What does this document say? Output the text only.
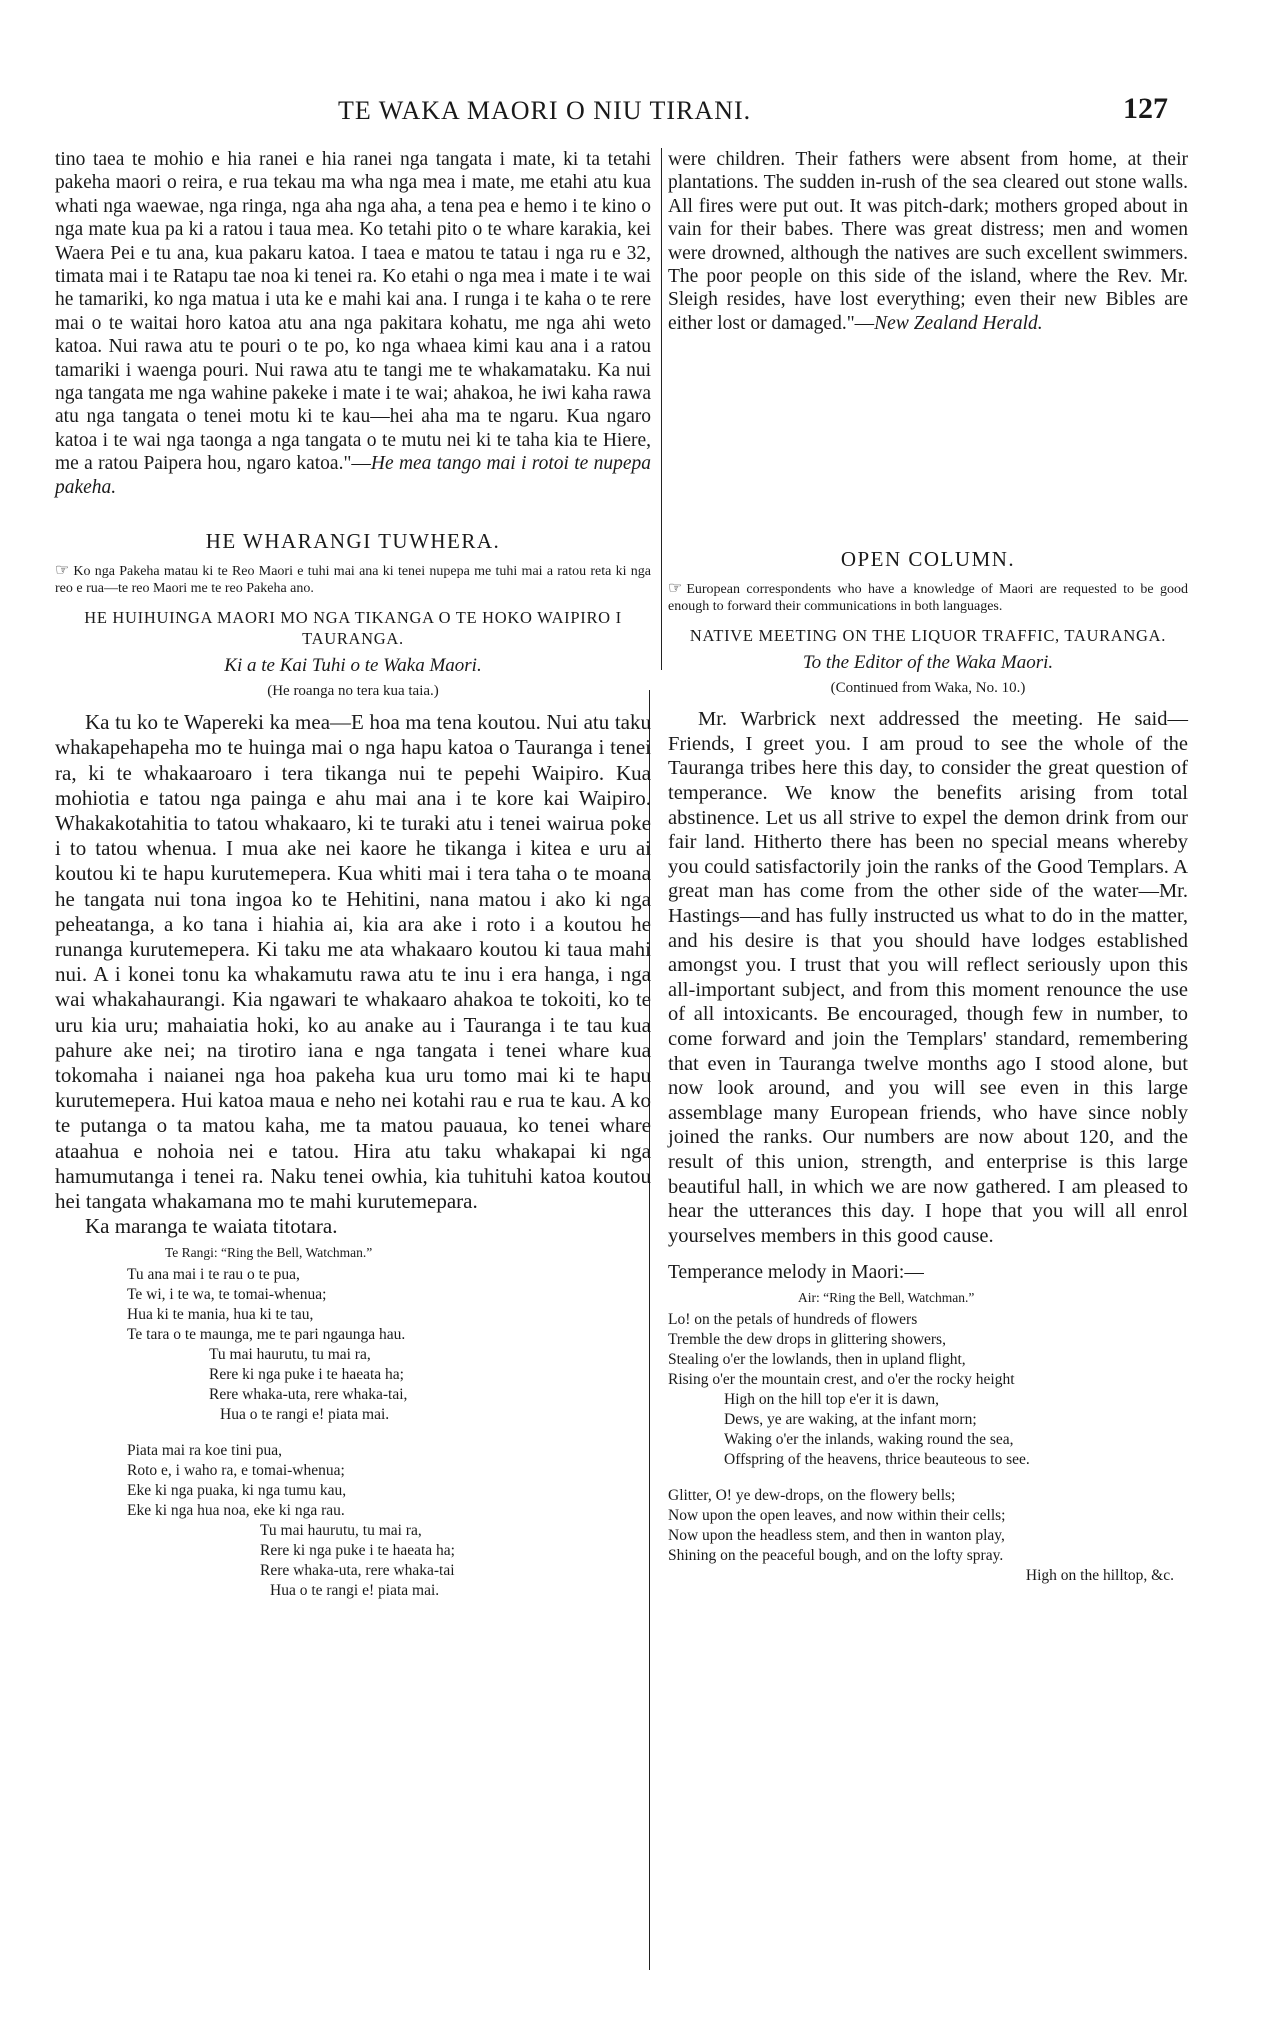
TE WAKA MAORI O NIU TIRANI.	127

tino taea te mohio e hia ranei e hia ranei nga tangata i mate, ki ta tetahi pakeha maori o reira, e rua tekau ma wha nga mea i mate, me etahi atu kua whati nga waewae, nga ringa, nga aha nga aha, a tena pea e hemo i te kino o nga mate kua pa ki a ratou i taua mea. Ko tetahi pito o te whare karakia, kei Waera Pei e tu ana, kua pakaru katoa. I taea e matou te tatau i nga ru e 32, timata mai i te Ratapu tae noa ki tenei ra. Ko etahi o nga mea i mate i te wai he tamariki, ko nga matua i uta ke e mahi kai ana. I runga i te kaha o te rere mai o te waitai horo katoa atu ana nga pakitara kohatu, me nga ahi weto katoa. Nui rawa atu te pouri o te po, ko nga whaea kimi kau ana i a ratou tamariki i waenga pouri. Nui rawa atu te tangi me te whakamataku. Ka nui nga tangata me nga wahine pakeke i mate i te wai; ahakoa, he iwi kaha rawa atu nga tangata o tenei motu ki te kau—hei aha ma te ngaru. Kua ngaro katoa i te wai nga taonga a nga tangata o te mutu nei ki te taha kia te Hiere, me a ratou Paipera hou, ngaro katoa."—He mea tango mai i rotoi te nupepa pakeha.

HE WHARANGI TUWHERA.

☞ Ko nga Pakeha matau ki te Reo Maori e tuhi mai ana ki tenei nupepa me tuhi mai a ratou reta ki nga reo e rua—te reo Maori me te reo Pakeha ano.

HE HUIHUINGA MAORI MO NGA TIKANGA O TE HOKO WAIPIRO I TAURANGA.
Ki a te Kai Tuhi o te Waka Maori.
(He roanga no tera kua taia.)

Ka tu ko te Wapereki ka mea—E hoa ma tena koutou. Nui atu taku whakapehapeha mo te huinga mai o nga hapu katoa o Tauranga i tenei ra, ki te whakaaroaro i tera tikanga nui te pepehi Waipiro. Kua mohiotia e tatou nga painga e ahu mai ana i te kore kai Waipiro. Whakakotahitia to tatou whakaaro, ki te turaki atu i tenei wairua poke i to tatou whenua. I mua ake nei kaore he tikanga i kitea e uru ai koutou ki te hapu kurutemepera. Kua whiti mai i tera taha o te moana he tangata nui tona ingoa ko te Hehitini, nana matou i ako ki nga peheatanga, a ko tana i hiahia ai, kia ara ake i roto i a koutou he runanga kurutemepera. Ki taku me ata whakaaro koutou ki taua mahi nui. A i konei tonu ka whakamutu rawa atu te inu i era hanga, i nga wai whakahaurangi. Kia ngawari te whakaaro ahakoa te tokoiti, ko te uru kia uru; mahaiatia hoki, ko au anake au i Tauranga i te tau kua pahure ake nei; na tirotiro iana e nga tangata i tenei whare kua tokomaha i naianei nga hoa pakeha kua uru tomo mai ki te hapu kurutemepera. Hui katoa maua e neho nei kotahi rau e rua te kau. A ko te putanga o ta matou kaha, me ta matou pauaua, ko tenei whare ataahua e nohoia nei e tatou. Hira atu taku whakapai ki nga hamumutanga i tenei ra. Naku tenei owhia, kia tuhituhi katoa koutou hei tangata whakamana mo te mahi kurutemepara.

Ka maranga te waiata titotara.

Te Rangi: “Ring the Bell, Watchman.”
Tu ana mai i te rau o te pua,
Te wi, i te wa, te tomai-whenua;
Hua ki te mania, hua ki te tau,
Te tara o te maunga, me te pari ngaunga hau.
Tu mai haurutu, tu mai ra,
Rere ki nga puke i te haeata ha;
Rere whaka-uta, rere whaka-tai,
Hua o te rangi e! piata mai.
Piata mai ra koe tini pua,
Roto e, i waho ra, e tomai-whenua;
Eke ki nga puaka, ki nga tumu kau,
Eke ki nga hua noa, eke ki nga rau.
Tu mai haurutu, tu mai ra,
Rere ki nga puke i te haeata ha;
Rere whaka-uta, rere whaka-tai
Hua o te rangi e! piata mai.

were children. Their fathers were absent from home, at their plantations. The sudden in-rush of the sea cleared out stone walls. All fires were put out. It was pitch-dark; mothers groped about in vain for their babes. There was great distress; men and women were drowned, although the natives are such excellent swimmers. The poor people on this side of the island, where the Rev. Mr. Sleigh resides, have lost everything; even their new Bibles are either lost or damaged."—New Zealand Herald.

OPEN COLUMN.

☞ European correspondents who have a knowledge of Maori are requested to be good enough to forward their communications in both languages.

NATIVE MEETING ON THE LIQUOR TRAFFIC, TAURANGA.
To the Editor of the Waka Maori.
(Continued from Waka, No. 10.)

Mr. Warbrick next addressed the meeting. He said—Friends, I greet you. I am proud to see the whole of the Tauranga tribes here this day, to consider the great question of temperance. We know the benefits arising from total abstinence. Let us all strive to expel the demon drink from our fair land. Hitherto there has been no special means whereby you could satisfactorily join the ranks of the Good Templars. A great man has come from the other side of the water—Mr. Hastings—and has fully instructed us what to do in the matter, and his desire is that you should have lodges established amongst you. I trust that you will reflect seriously upon this all-important subject, and from this moment renounce the use of all intoxicants. Be encouraged, though few in number, to come forward and join the Templars' standard, remembering that even in Tauranga twelve months ago I stood alone, but now look around, and you will see even in this large assemblage many European friends, who have since nobly joined the ranks. Our numbers are now about 120, and the result of this union, strength, and enterprise is this large beautiful hall, in which we are now gathered. I am pleased to hear the utterances this day. I hope that you will all enrol yourselves members in this good cause.

Temperance melody in Maori:—
Air: “Ring the Bell, Watchman.”
Lo! on the petals of hundreds of flowers
Tremble the dew drops in glittering showers,
Stealing o'er the lowlands, then in upland flight,
Rising o'er the mountain crest, and o'er the rocky height
High on the hill top e'er it is dawn,
Dews, ye are waking, at the infant morn;
Waking o'er the inlands, waking round the sea,
Offspring of the heavens, thrice beauteous to see.
Glitter, O! ye dew-drops, on the flowery bells;
Now upon the open leaves, and now within their cells;
Now upon the headless stem, and then in wanton play,
Shining on the peaceful bough, and on the lofty spray.
High on the hilltop, &c.
